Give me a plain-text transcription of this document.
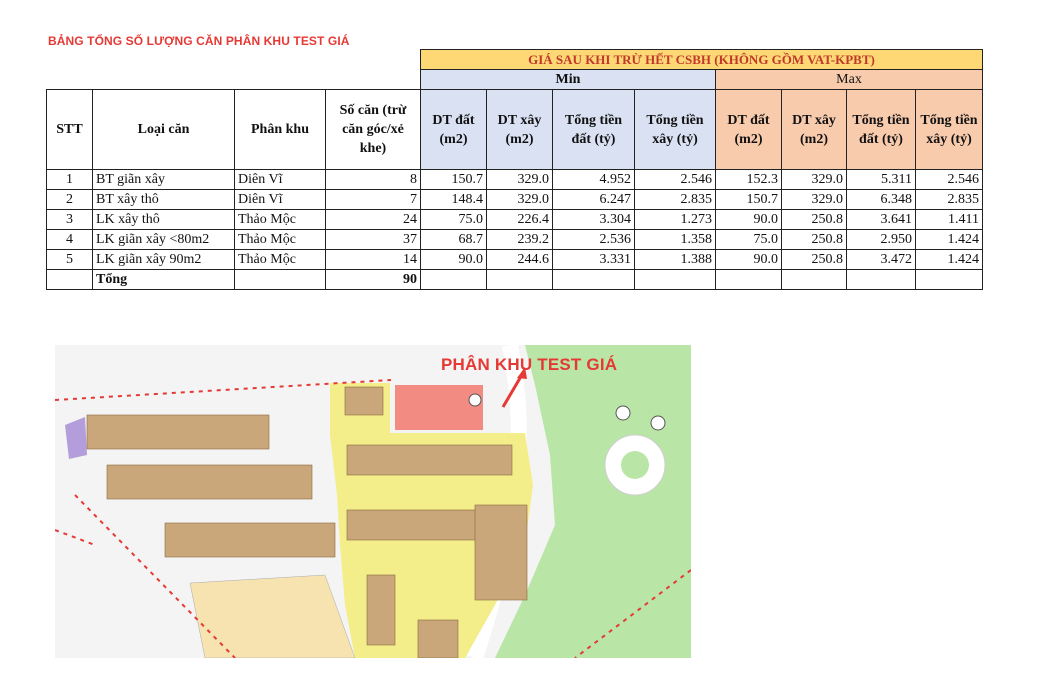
BẢNG TỔNG SỐ LƯỢNG CĂN PHÂN KHU TEST GIÁ
				GIÁ SAU KHI TRỪ HẾT CSBH (KHÔNG GỒM VAT-KPBT)							
				Min				Max			
STT	Loại căn	Phân khu	Số căn (trừ căn góc/xẻ khe)	DT đất (m2)	DT xây (m2)	Tổng tiền đất (tỷ)	Tổng tiền xây (tỷ)	DT đất (m2)	DT xây (m2)	Tổng tiền đất (tỷ)	Tổng tiền xây (tỷ)
1	BT giãn xây	Diên Vĩ	8	150.7	329.0	4.952	2.546	152.3	329.0	5.311	2.546
2	BT xây thô	Diên Vĩ	7	148.4	329.0	6.247	2.835	150.7	329.0	6.348	2.835
3	LK xây thô	Thảo Mộc	24	75.0	226.4	3.304	1.273	90.0	250.8	3.641	1.411
4	LK giãn xây <80m2	Thảo Mộc	37	68.7	239.2	2.536	1.358	75.0	250.8	2.950	1.424
5	LK giãn xây 90m2	Thảo Mộc	14	90.0	244.6	3.331	1.388	90.0	250.8	3.472	1.424
	Tổng		90								
PHÂN KHU TEST GIÁ
